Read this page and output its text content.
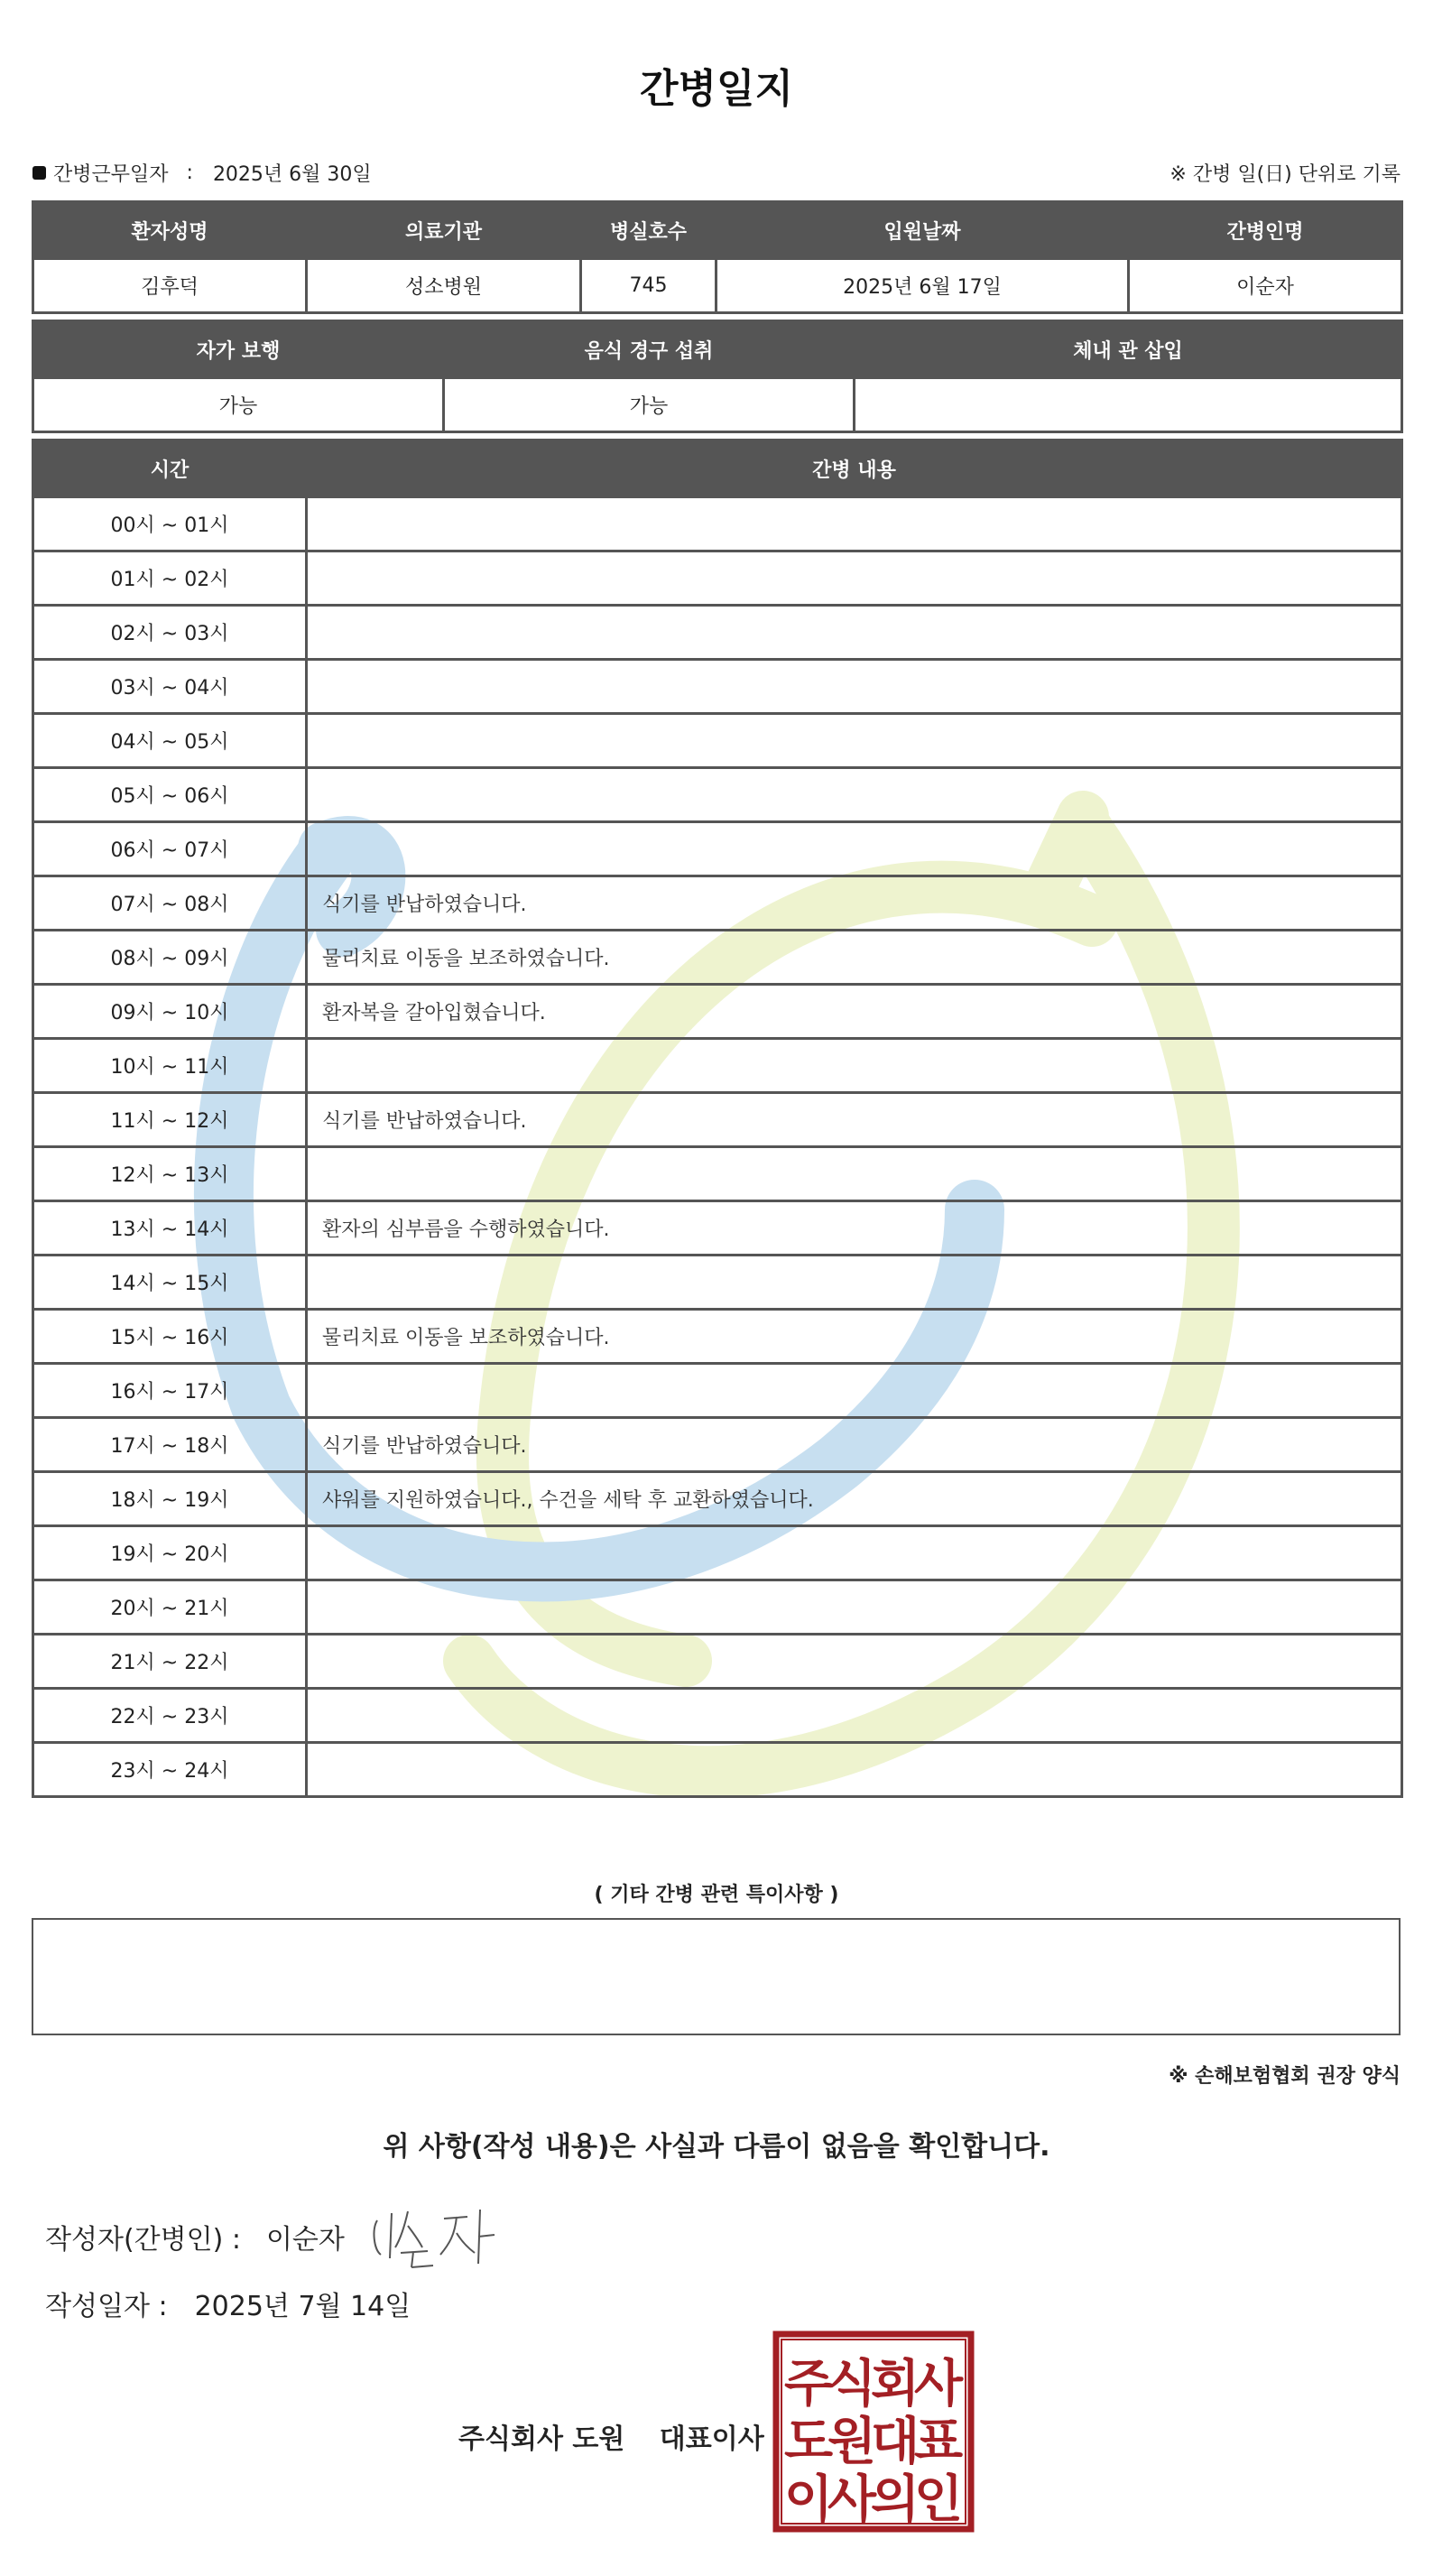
간병일지
간병근무일자 : 2025년 6월 30일	※ 간병 일(日) 단위로 기록
환자성명	의료기관	병실호수	입원날짜	간병인명
김후덕	성소병원	745	2025년 6월 17일	이순자
자가 보행	음식 경구 섭취	체내 관 삽입
가능	가능	
시간	간병 내용
00시 ~ 01시	
01시 ~ 02시	
02시 ~ 03시	
03시 ~ 04시	
04시 ~ 05시	
05시 ~ 06시	
06시 ~ 07시	
07시 ~ 08시	식기를 반납하였습니다.
08시 ~ 09시	물리치료 이동을 보조하였습니다.
09시 ~ 10시	환자복을 갈아입혔습니다.
10시 ~ 11시	
11시 ~ 12시	식기를 반납하였습니다.
12시 ~ 13시	
13시 ~ 14시	환자의 심부름을 수행하였습니다.
14시 ~ 15시	
15시 ~ 16시	물리치료 이동을 보조하였습니다.
16시 ~ 17시	
17시 ~ 18시	식기를 반납하였습니다.
18시 ~ 19시	샤워를 지원하였습니다., 수건을 세탁 후 교환하였습니다.
19시 ~ 20시	
20시 ~ 21시	
21시 ~ 22시	
22시 ~ 23시	
23시 ~ 24시	
( 기타 간병 관련 특이사항 )
※ 손해보험협회 권장 양식
위 사항(작성 내용)은 사실과 다름이 없음을 확인합니다.
작성자(간병인) : 이순자
작성일자 : 2025년 7월 14일
주식회사 도원 대표이사
주
식
회
사
도
원
대
표
이
사
의
인
